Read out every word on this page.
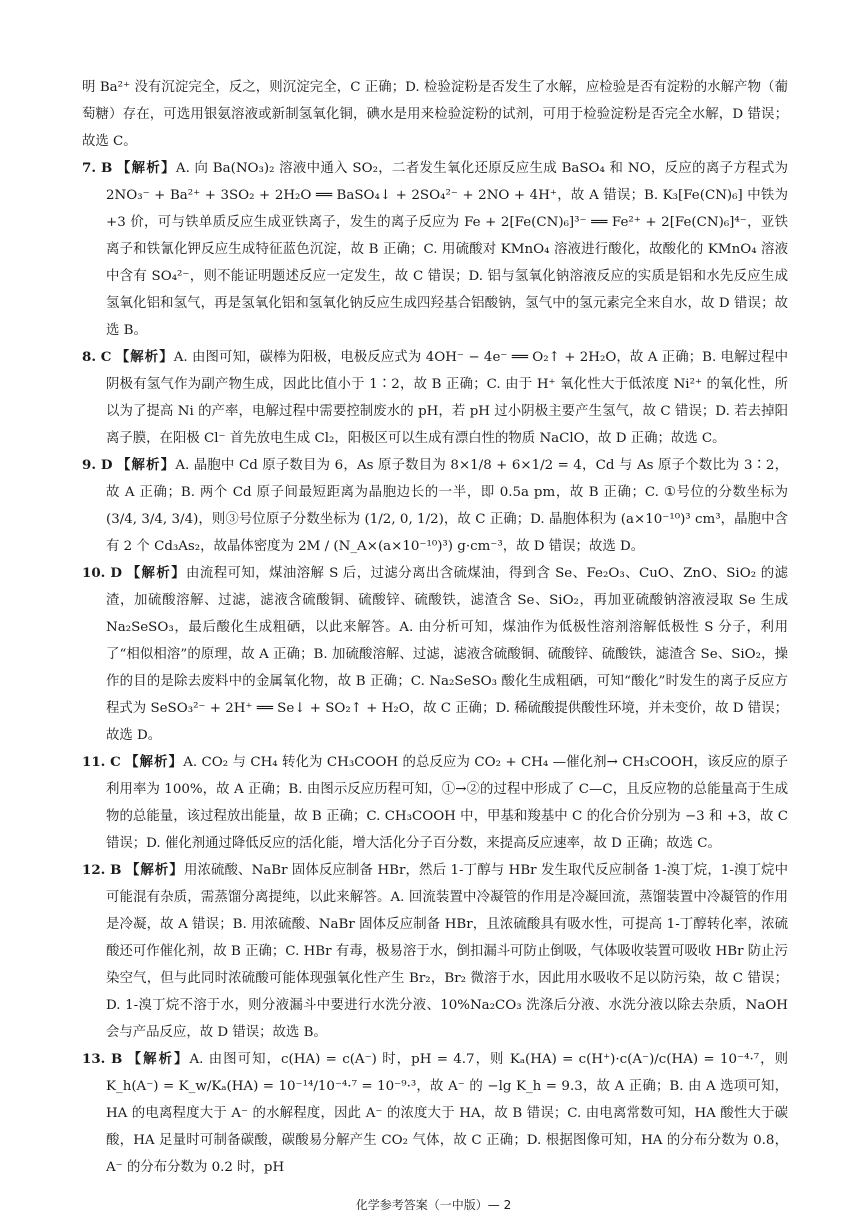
明 Ba²⁺ 没有沉淀完全，反之，则沉淀完全，C 正确；D. 检验淀粉是否发生了水解，应检验是否有淀粉的水解产物（葡萄糖）存在，可选用银氨溶液或新制氢氧化铜，碘水是用来检验淀粉的试剂，可用于检验淀粉是否完全水解，D 错误；故选 C。

7. B 【解析】A. 向 Ba(NO₃)₂ 溶液中通入 SO₂，二者发生氧化还原反应生成 BaSO₄ 和 NO，反应的离子方程式为 2NO₃⁻ + Ba²⁺ + 3SO₂ + 2H₂O ══ BaSO₄↓ + 2SO₄²⁻ + 2NO + 4H⁺，故 A 错误；B. K₃[Fe(CN)₆] 中铁为 +3 价，可与铁单质反应生成亚铁离子，发生的离子反应为 Fe + 2[Fe(CN)₆]³⁻ ══ Fe²⁺ + 2[Fe(CN)₆]⁴⁻，亚铁离子和铁氰化钾反应生成特征蓝色沉淀，故 B 正确；C. 用硫酸对 KMnO₄ 溶液进行酸化，故酸化的 KMnO₄ 溶液中含有 SO₄²⁻，则不能证明题述反应一定发生，故 C 错误；D. 铝与氢氧化钠溶液反应的实质是铝和水先反应生成氢氧化铝和氢气，再是氢氧化铝和氢氧化钠反应生成四羟基合铝酸钠，氢气中的氢元素完全来自水，故 D 错误；故选 B。
8. C 【解析】A. 由图可知，碳棒为阳极，电极反应式为 4OH⁻ − 4e⁻ ══ O₂↑ + 2H₂O，故 A 正确；B. 电解过程中阴极有氢气作为副产物生成，因此比值小于 1∶2，故 B 正确；C. 由于 H⁺ 氧化性大于低浓度 Ni²⁺ 的氧化性，所以为了提高 Ni 的产率，电解过程中需要控制废水的 pH，若 pH 过小阴极主要产生氢气，故 C 错误；D. 若去掉阳离子膜，在阳极 Cl⁻ 首先放电生成 Cl₂，阳极区可以生成有漂白性的物质 NaClO，故 D 正确；故选 C。
9. D 【解析】A. 晶胞中 Cd 原子数目为 6，As 原子数目为 8×1/8 + 6×1/2 = 4，Cd 与 As 原子个数比为 3∶2，故 A 正确；B. 两个 Cd 原子间最短距离为晶胞边长的一半，即 0.5a pm，故 B 正确；C. ①号位的分数坐标为 (3/4, 3/4, 3/4)，则③号位原子分数坐标为 (1/2, 0, 1/2)，故 C 正确；D. 晶胞体积为 (a×10⁻¹⁰)³ cm³，晶胞中含有 2 个 Cd₃As₂，故晶体密度为 2M / (N_A×(a×10⁻¹⁰)³) g·cm⁻³，故 D 错误；故选 D。
10. D 【解析】由流程可知，煤油溶解 S 后，过滤分离出含硫煤油，得到含 Se、Fe₂O₃、CuO、ZnO、SiO₂ 的滤渣，加硫酸溶解、过滤，滤液含硫酸铜、硫酸锌、硫酸铁，滤渣含 Se、SiO₂，再加亚硫酸钠溶液浸取 Se 生成 Na₂SeSO₃，最后酸化生成粗硒，以此来解答。A. 由分析可知，煤油作为低极性溶剂溶解低极性 S 分子，利用了“相似相溶”的原理，故 A 正确；B. 加硫酸溶解、过滤，滤液含硫酸铜、硫酸锌、硫酸铁，滤渣含 Se、SiO₂，操作的目的是除去废料中的金属氧化物，故 B 正确；C. Na₂SeSO₃ 酸化生成粗硒，可知“酸化”时发生的离子反应方程式为 SeSO₃²⁻ + 2H⁺ ══ Se↓ + SO₂↑ + H₂O，故 C 正确；D. 稀硫酸提供酸性环境，并未变价，故 D 错误；故选 D。
11. C 【解析】A. CO₂ 与 CH₄ 转化为 CH₃COOH 的总反应为 CO₂ + CH₄ —催化剂→ CH₃COOH，该反应的原子利用率为 100%，故 A 正确；B. 由图示反应历程可知，①→②的过程中形成了 C—C，且反应物的总能量高于生成物的总能量，该过程放出能量，故 B 正确；C. CH₃COOH 中，甲基和羧基中 C 的化合价分别为 −3 和 +3，故 C 错误；D. 催化剂通过降低反应的活化能，增大活化分子百分数，来提高反应速率，故 D 正确；故选 C。
12. B 【解析】用浓硫酸、NaBr 固体反应制备 HBr，然后 1-丁醇与 HBr 发生取代反应制备 1-溴丁烷，1-溴丁烷中可能混有杂质，需蒸馏分离提纯，以此来解答。A. 回流装置中冷凝管的作用是冷凝回流，蒸馏装置中冷凝管的作用是冷凝，故 A 错误；B. 用浓硫酸、NaBr 固体反应制备 HBr，且浓硫酸具有吸水性，可提高 1-丁醇转化率，浓硫酸还可作催化剂，故 B 正确；C. HBr 有毒，极易溶于水，倒扣漏斗可防止倒吸，气体吸收装置可吸收 HBr 防止污染空气，但与此同时浓硫酸可能体现强氧化性产生 Br₂，Br₂ 微溶于水，因此用水吸收不足以防污染，故 C 错误；D. 1-溴丁烷不溶于水，则分液漏斗中要进行水洗分液、10%Na₂CO₃ 洗涤后分液、水洗分液以除去杂质，NaOH 会与产品反应，故 D 错误；故选 B。
13. B 【解析】A. 由图可知，c(HA) = c(A⁻) 时，pH = 4.7，则 Kₐ(HA) = c(H⁺)·c(A⁻)/c(HA) = 10⁻⁴·⁷，则 K_h(A⁻) = K_w/Kₐ(HA) = 10⁻¹⁴/10⁻⁴·⁷ = 10⁻⁹·³，故 A⁻ 的 −lg K_h = 9.3，故 A 正确；B. 由 A 选项可知，HA 的电离程度大于 A⁻ 的水解程度，因此 A⁻ 的浓度大于 HA，故 B 错误；C. 由电离常数可知，HA 酸性大于碳酸，HA 足量时可制备碳酸，碳酸易分解产生 CO₂ 气体，故 C 正确；D. 根据图像可知，HA 的分布分数为 0.8，A⁻ 的分布分数为 0.2 时，pH
化学参考答案（一中版）— 2
